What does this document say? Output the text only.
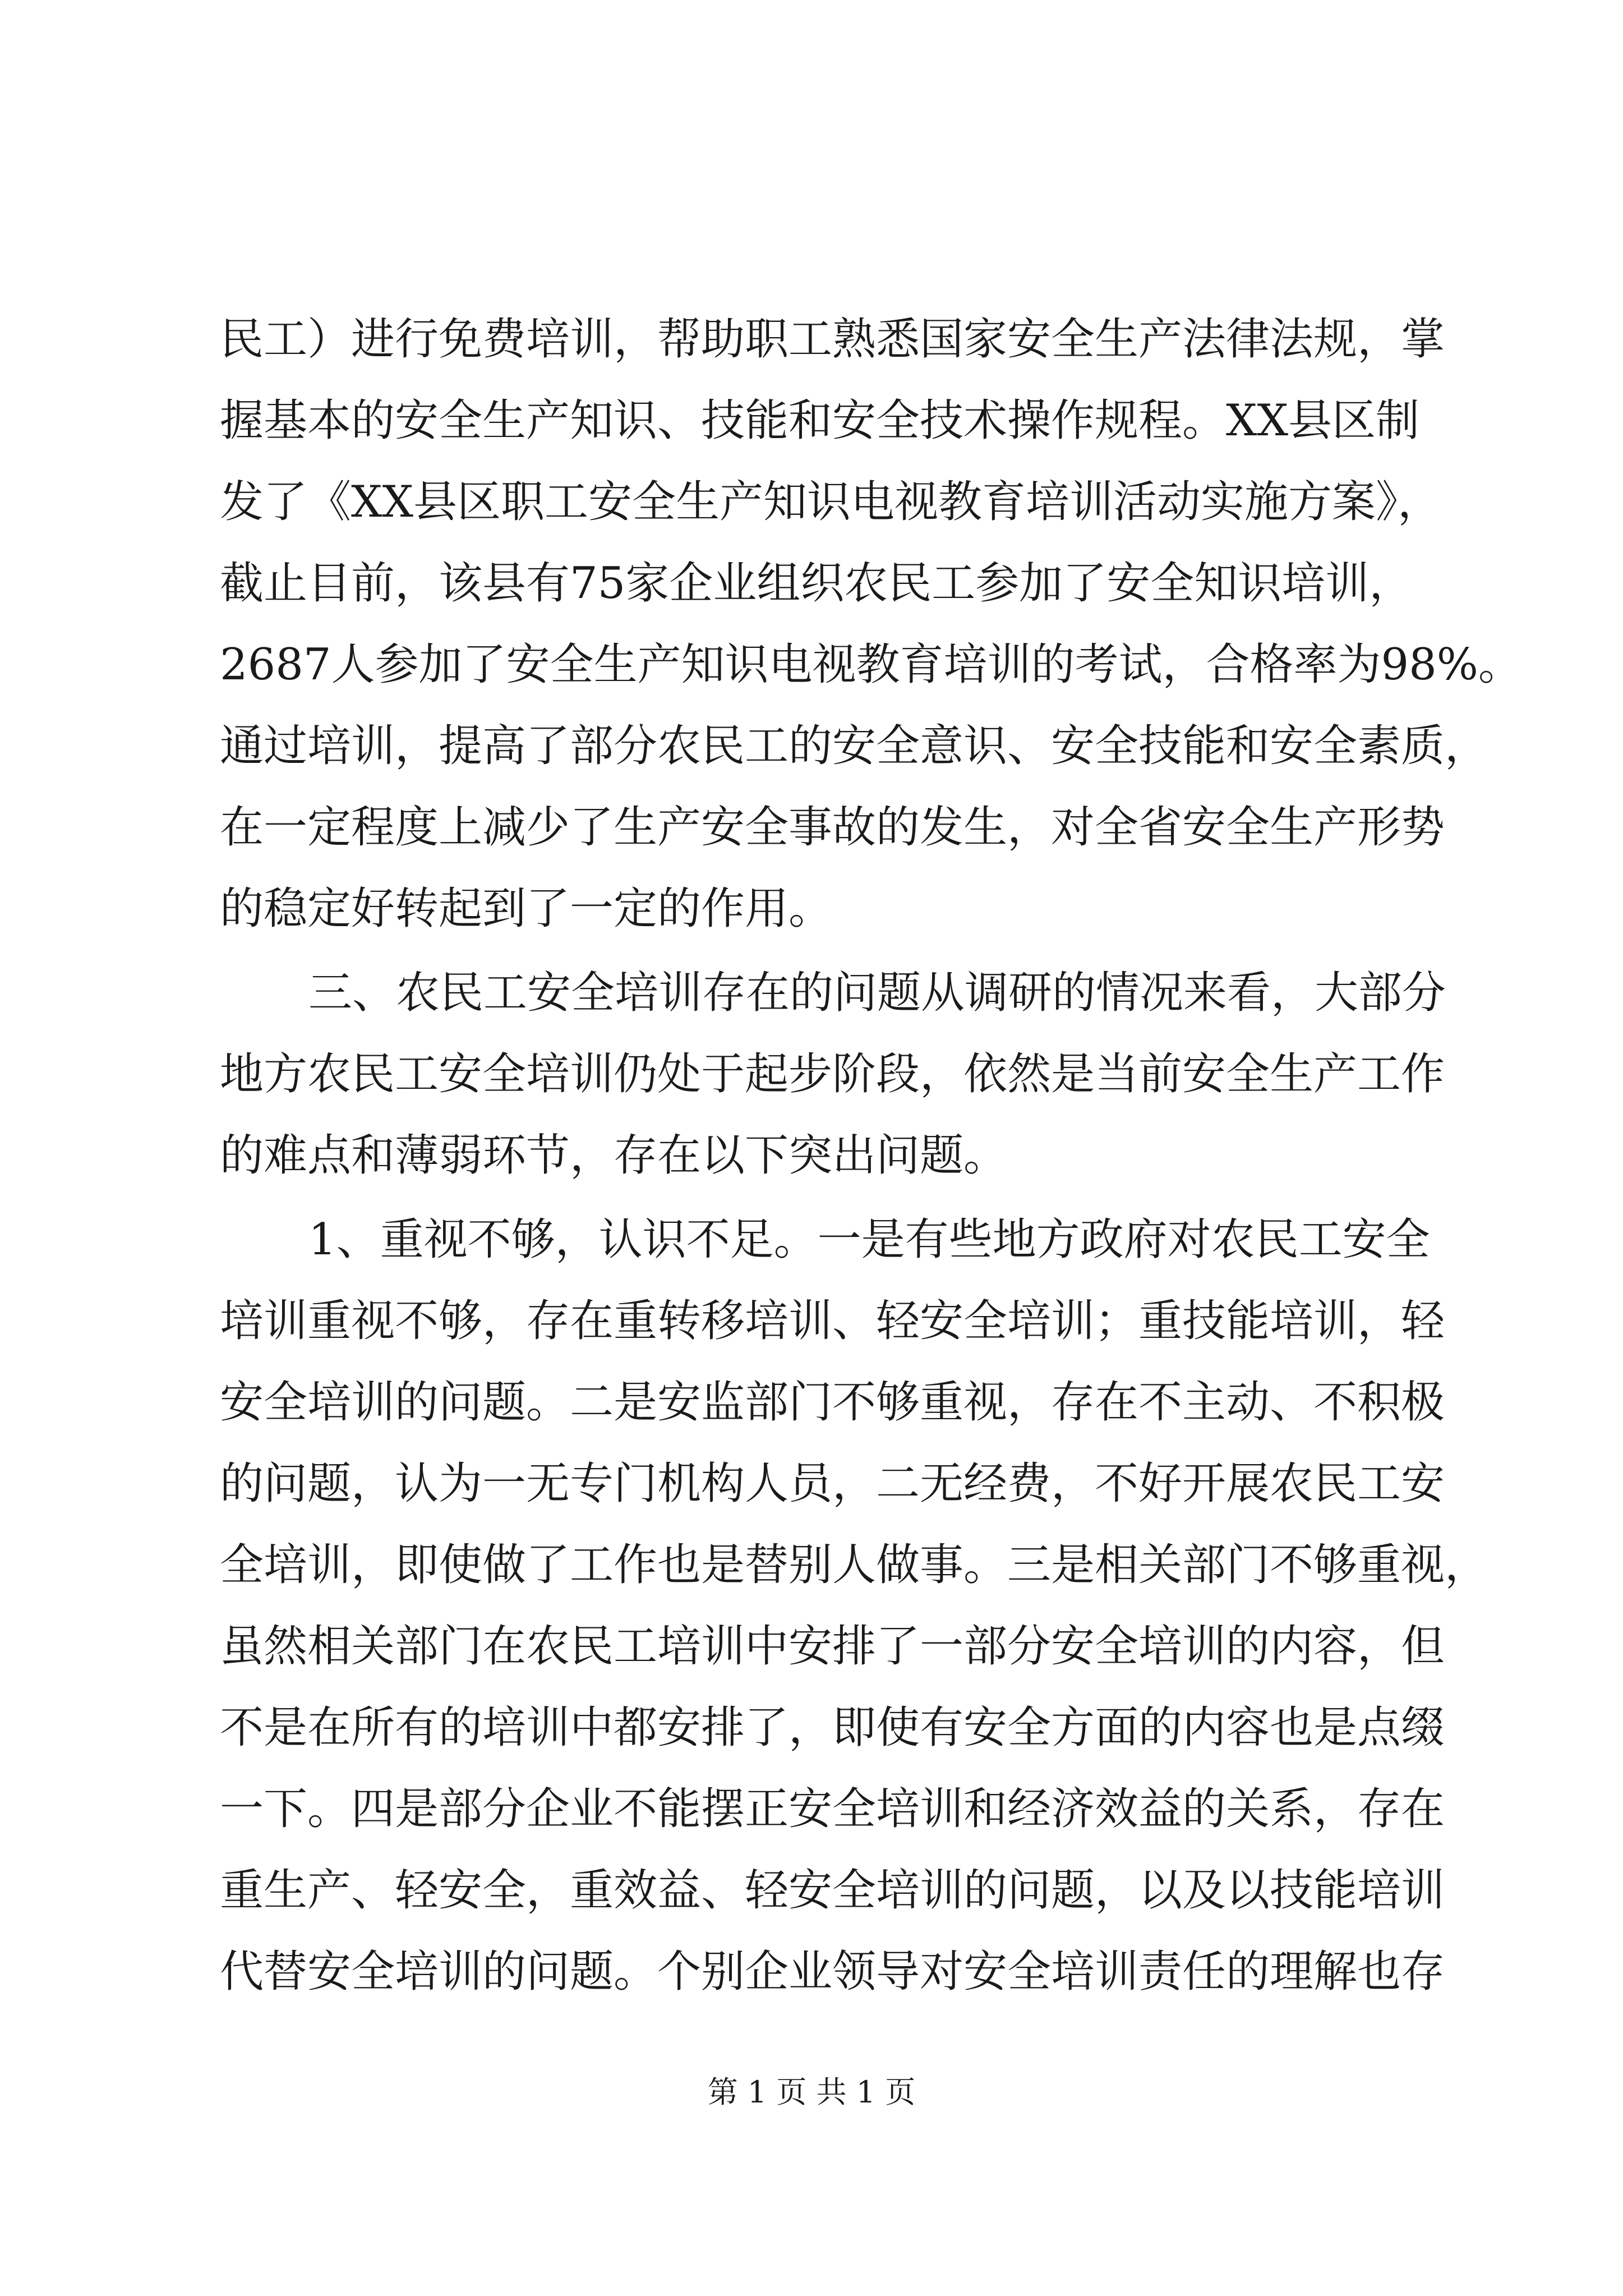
民工）进行免费培训，帮助职工熟悉国家安全生产法律法规，掌
握基本的安全生产知识、技能和安全技术操作规程。XX县区制
发了《XX县区职工安全生产知识电视教育培训活动实施方案》，
截止目前，该县有75家企业组织农民工参加了安全知识培训，
2687人参加了安全生产知识电视教育培训的考试，合格率为98%。
通过培训，提高了部分农民工的安全意识、安全技能和安全素质，
在一定程度上减少了生产安全事故的发生，对全省安全生产形势
的稳定好转起到了一定的作用。
三、农民工安全培训存在的问题从调研的情况来看，大部分
地方农民工安全培训仍处于起步阶段，依然是当前安全生产工作
的难点和薄弱环节，存在以下突出问题。
1、重视不够，认识不足。一是有些地方政府对农民工安全
培训重视不够，存在重转移培训、轻安全培训；重技能培训，轻
安全培训的问题。二是安监部门不够重视，存在不主动、不积极
的问题，认为一无专门机构人员，二无经费，不好开展农民工安
全培训，即使做了工作也是替别人做事。三是相关部门不够重视，
虽然相关部门在农民工培训中安排了一部分安全培训的内容，但
不是在所有的培训中都安排了，即使有安全方面的内容也是点缀
一下。四是部分企业不能摆正安全培训和经济效益的关系，存在
重生产、轻安全，重效益、轻安全培训的问题，以及以技能培训
代替安全培训的问题。个别企业领导对安全培训责任的理解也存
第 1 页 共 1 页
